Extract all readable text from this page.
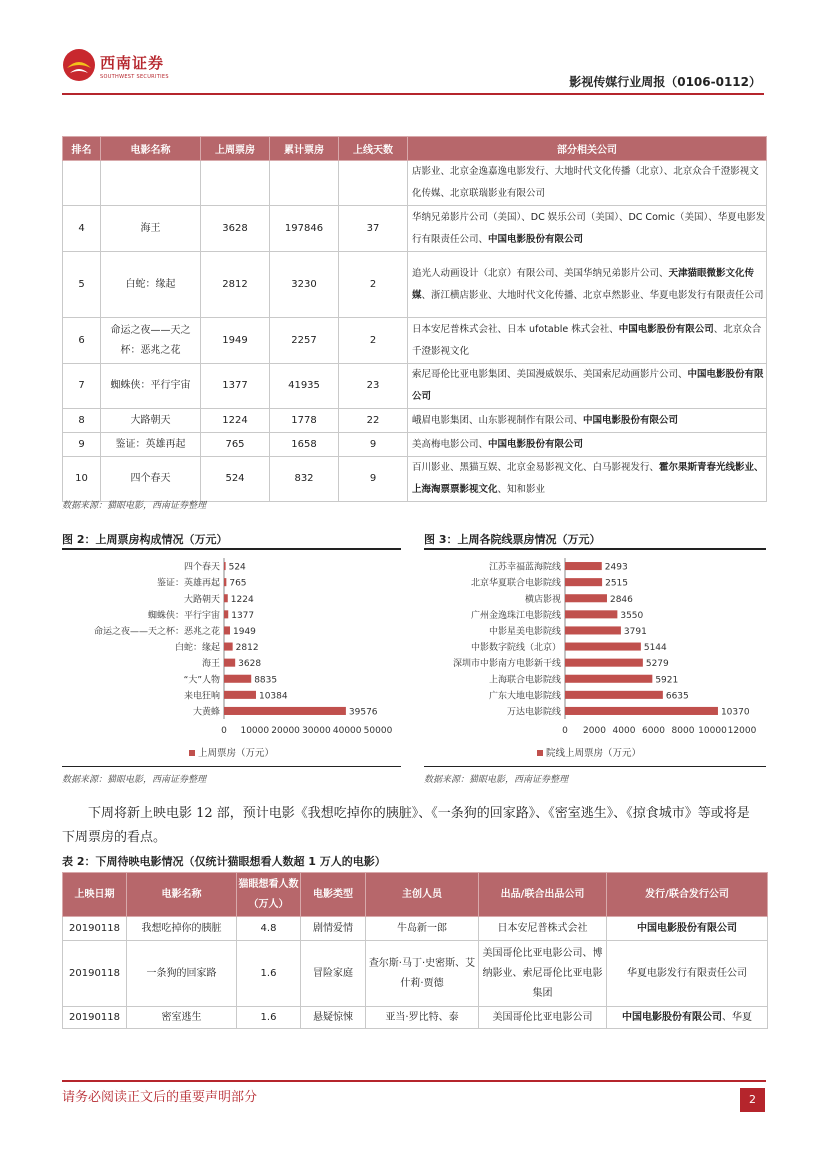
西南证券
SOUTHWEST SECURITIES	影视传媒行业周报（0106-0112）
排名	电影名称	上周票房	累计票房	上线天数	部分相关公司
					店影业、北京金逸嘉逸电影发行、大地时代文化传播（北京）、北京众合千澄影视文化传媒、北京联瑞影业有限公司
4	海王	3628	197846	37	华纳兄弟影片公司（美国）、DC 娱乐公司（美国）、DC Comic（美国）、华夏电影发行有限责任公司、中国电影股份有限公司
5	白蛇：缘起	2812	3230	2	追光人动画设计（北京）有限公司、美国华纳兄弟影片公司、天津猫眼微影文化传媒、浙江横店影业、大地时代文化传播、北京卓然影业、华夏电影发行有限责任公司
6	命运之夜——天之杯：恶兆之花	1949	2257	2	日本安尼普株式会社、日本 ufotable 株式会社、中国电影股份有限公司、北京众合千澄影视文化
7	蜘蛛侠：平行宇宙	1377	41935	23	索尼哥伦比亚电影集团、美国漫威娱乐、美国索尼动画影片公司、中国电影股份有限公司
8	大路朝天	1224	1778	22	峨眉电影集团、山东影视制作有限公司、中国电影股份有限公司
9	鉴证：英雄再起	765	1658	9	美高梅电影公司、中国电影股份有限公司
10	四个春天	524	832	9	百川影业、黑猫互娱、北京金易影视文化、白马影视发行、霍尔果斯青春光线影业、上海淘票票影视文化、知和影业
数据来源：猫眼电影，西南证券整理
图 2：上周票房构成情况（万元）
四个春天 524
鉴证：英雄再起 765
大路朝天 1224
蜘蛛侠：平行宇宙 1377
命运之夜——天之杯：恶兆之花 1949
白蛇：缘起 2812
海王 3628
“大”人物	8835
来电狂响	10384
大黄蜂	39576
0 10000 20000 30000 40000 50000
上周票房（万元）
数据来源：猫眼电影，西南证券整理
图 3：上周各院线票房情况（万元）
江苏幸福蓝海院线	2493
北京华夏联合电影院线	2515
横店影视	2846
广州金逸珠江电影院线	3550
中影星美电影院线	3791
中影数字院线（北京）	5144
深圳市中影南方电影新干线	5279
上海联合电影院线	5921
广东大地电影院线	6635
万达电影院线	10370
0 2000 4000 6000 8000 10000 12000
院线上周票房（万元）
数据来源：猫眼电影，西南证券整理
下周将新上映电影 12 部，预计电影《我想吃掉你的胰脏》、《一条狗的回家路》、《密室逃生》、《掠食城市》等或将是下周票房的看点。
表 2：下周待映电影情况（仅统计猫眼想看人数超 1 万人的电影）
上映日期	电影名称	猫眼想看人数（万人）	电影类型	主创人员	出品/联合出品公司	发行/联合发行公司
20190118	我想吃掉你的胰脏	4.8	剧情爱情	牛岛新一郎	日本安尼普株式会社	中国电影股份有限公司
20190118	一条狗的回家路	1.6	冒险家庭	查尔斯·马丁·史密斯、艾什莉·贾德	美国哥伦比亚电影公司、博纳影业、索尼哥伦比亚电影集团	华夏电影发行有限责任公司
20190118	密室逃生	1.6	悬疑惊悚	亚当·罗比特、泰	美国哥伦比亚电影公司	中国电影股份有限公司、华夏
请务必阅读正文后的重要声明部分	2
